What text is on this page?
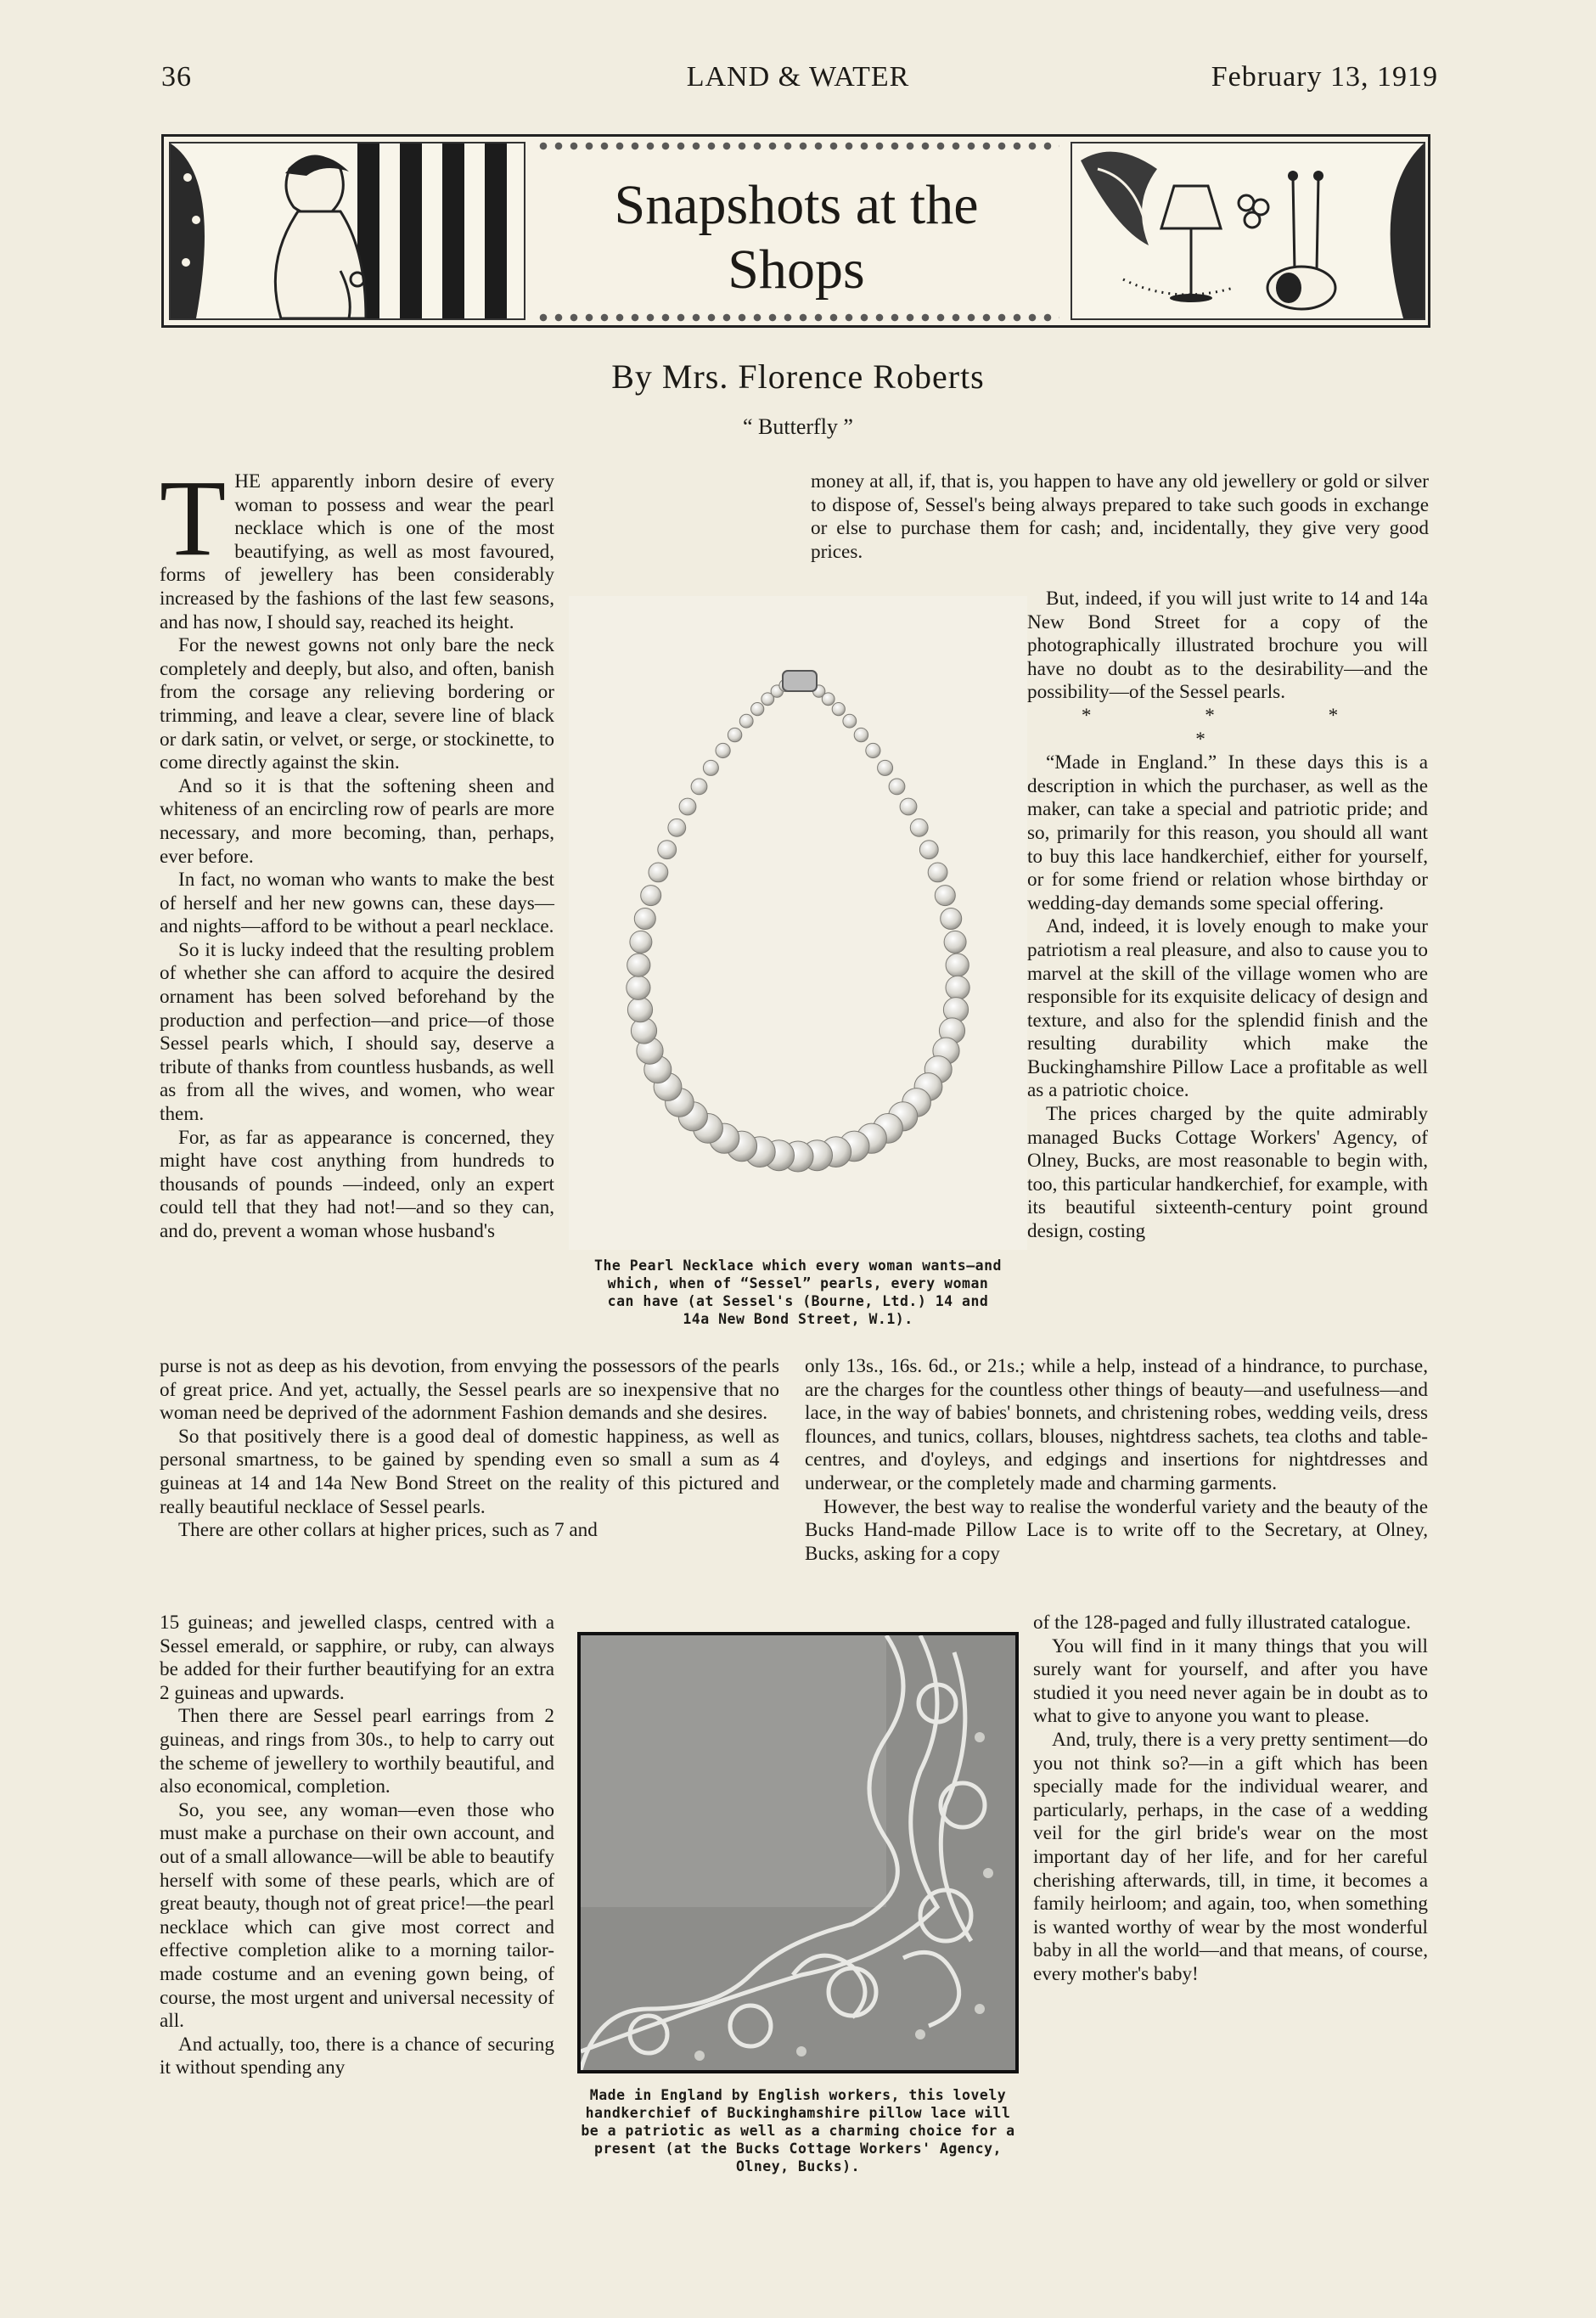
36	LAND & WATER	February 13, 1919
Snapshots at the
Shops
By Mrs. Florence Roberts
“ Butterfly ”

THE apparently inborn desire of every woman to possess and wear the pearl necklace which is one of the most beautifying, as well as most favoured, forms of jewellery has been considerably increased by the fashions of the last few seasons, and has now, I should say, reached its height.

For the newest gowns not only bare the neck completely and deeply, but also, and often, banish from the corsage any relieving bordering or trimming, and leave a clear, severe line of black or dark satin, or velvet, or serge, or stockinette, to come directly against the skin.

And so it is that the softening sheen and whiteness of an encircling row of pearls are more necessary, and more becoming, than, perhaps, ever before.

In fact, no woman who wants to make the best of herself and her new gowns can, these days—and nights—afford to be without a pearl necklace.

So it is lucky indeed that the resulting problem of whether she can afford to acquire the desired ornament has been solved beforehand by the production and perfection—and price—of those Sessel pearls which, I should say, deserve a tribute of thanks from countless husbands, as well as from all the wives, and women, who wear them.

For, as far as appearance is concerned, they might have cost anything from hundreds to thousands of pounds —indeed, only an expert could tell that they had not!—and so they can, and do, prevent a woman whose husband's

money at all, if, that is, you happen to have any old jewellery or gold or silver to dispose of, Sessel's being always prepared to take such goods in exchange or else to purchase them for cash; and, incidentally, they give very good prices.

The Pearl Necklace which every woman wants—and which, when of “Sessel” pearls, every woman can have (at Sessel's (Bourne, Ltd.) 14 and 14a New Bond Street, W.1).

But, indeed, if you will just write to 14 and 14a New Bond Street for a copy of the photographically illustrated brochure you will have no doubt as to the desirability—and the possibility—of the Sessel pearls.

* * * *

“Made in England.” In these days this is a description in which the purchaser, as well as the maker, can take a special and patriotic pride; and so, primarily for this reason, you should all want to buy this lace handkerchief, either for yourself, or for some friend or relation whose birthday or wedding-day demands some special offering.

And, indeed, it is lovely enough to make your patriotism a real pleasure, and also to cause you to marvel at the skill of the village women who are responsible for its exquisite delicacy of design and texture, and also for the splendid finish and the resulting durability which make the Buckinghamshire Pillow Lace a profitable as well as a patriotic choice.

The prices charged by the quite admirably managed Bucks Cottage Workers' Agency, of Olney, Bucks, are most reasonable to begin with, too, this particular handkerchief, for example, with its beautiful sixteenth-century point ground design, costing

purse is not as deep as his devotion, from envying the possessors of the pearls of great price. And yet, actually, the Sessel pearls are so inexpensive that no woman need be deprived of the adornment Fashion demands and she desires.

So that positively there is a good deal of domestic happiness, as well as personal smartness, to be gained by spending even so small a sum as 4 guineas at 14 and 14a New Bond Street on the reality of this pictured and really beautiful necklace of Sessel pearls.

There are other collars at higher prices, such as 7 and

only 13s., 16s. 6d., or 21s.; while a help, instead of a hindrance, to purchase, are the charges for the countless other things of beauty—and usefulness—and lace, in the way of babies' bonnets, and christening robes, wedding veils, dress flounces, and tunics, collars, blouses, nightdress sachets, tea cloths and table-centres, and d'oyleys, and edgings and insertions for nightdresses and underwear, or the completely made and charming garments.

However, the best way to realise the wonderful variety and the beauty of the Bucks Hand-made Pillow Lace is to write off to the Secretary, at Olney, Bucks, asking for a copy

15 guineas; and jewelled clasps, centred with a Sessel emerald, or sapphire, or ruby, can always be added for their further beautifying for an extra 2 guineas and upwards.

Then there are Sessel pearl earrings from 2 guineas, and rings from 30s., to help to carry out the scheme of jewellery to worthily beautiful, and also economical, completion.

So, you see, any woman—even those who must make a purchase on their own account, and out of a small allowance—will be able to beautify herself with some of these pearls, which are of great beauty, though not of great price!—the pearl necklace which can give most correct and effective completion alike to a morning tailor-made costume and an evening gown being, of course, the most urgent and universal necessity of all.

And actually, too, there is a chance of securing it without spending any

Made in England by English workers, this lovely handkerchief of Buckinghamshire pillow lace will be a patriotic as well as a charming choice for a present (at the Bucks Cottage Workers' Agency, Olney, Bucks).

of the 128-paged and fully illustrated catalogue.

You will find in it many things that you will surely want for yourself, and after you have studied it you need never again be in doubt as to what to give to anyone you want to please.

And, truly, there is a very pretty sentiment—do you not think so?—in a gift which has been specially made for the individual wearer, and particularly, perhaps, in the case of a wedding veil for the girl bride's wear on the most important day of her life, and for her careful cherishing afterwards, till, in time, it becomes a family heirloom; and again, too, when something is wanted worthy of wear by the most wonderful baby in all the world—and that means, of course, every mother's baby!
